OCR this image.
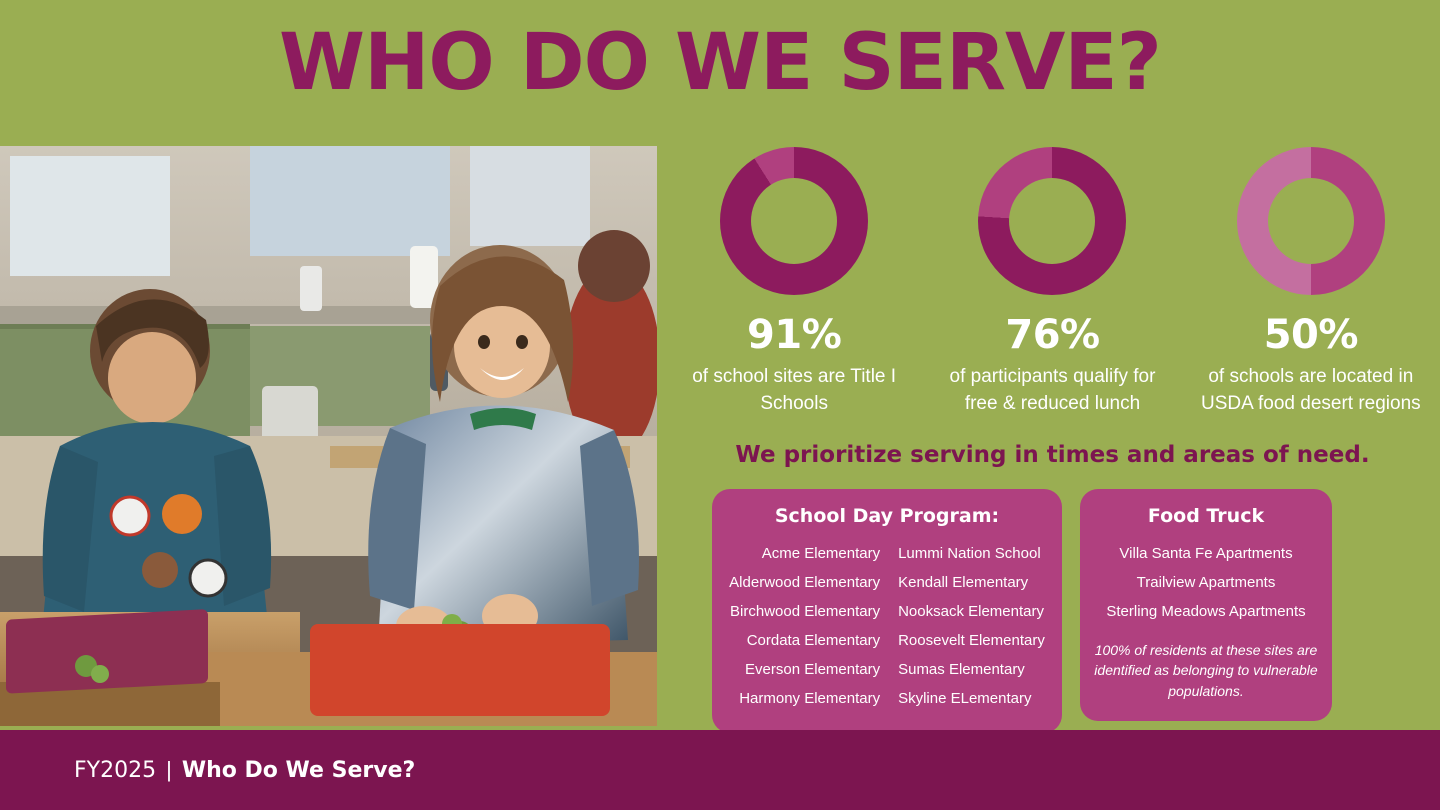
WHO DO WE SERVE?
91%
of school sites are Title I Schools
76%
of participants qualify for free & reduced lunch
50%
of schools are located in USDA food desert regions
We prioritize serving in times and areas of need.
School Day Program:
Acme Elementary
Alderwood Elementary
Birchwood Elementary
Cordata Elementary
Everson Elementary
Harmony Elementary
Lummi Nation School
Kendall Elementary
Nooksack Elementary
Roosevelt Elementary
Sumas Elementary
Skyline ELementary
Food Truck
Villa Santa Fe Apartments
Trailview Apartments
Sterling Meadows Apartments
100% of residents at these sites are identified as belonging to vulnerable populations.
FY2025 | Who Do We Serve?
